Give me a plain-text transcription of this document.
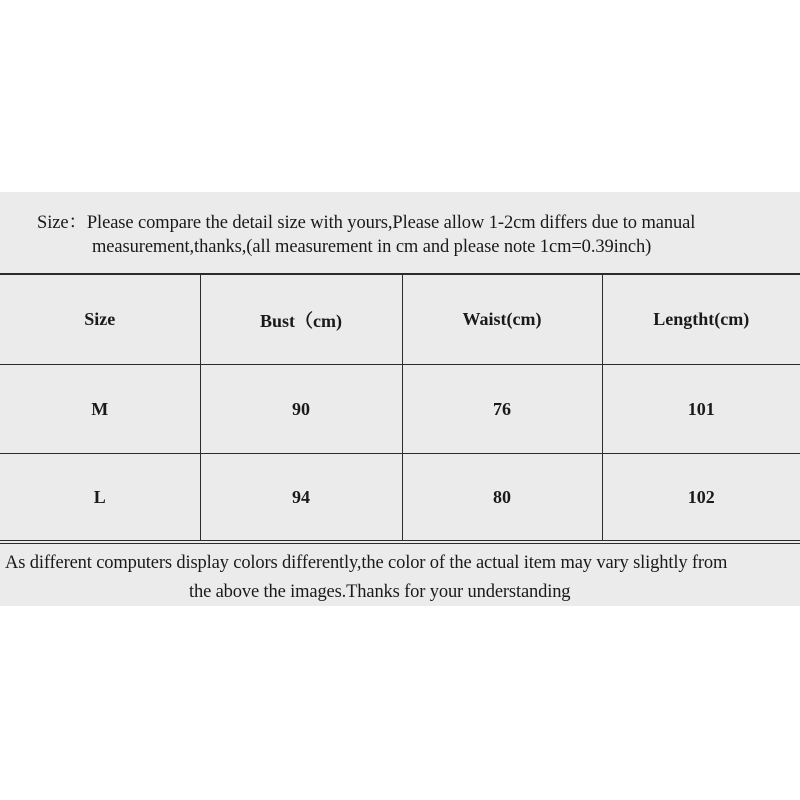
Size：Please compare the detail size with yours,Please allow 1-2cm differs due to manual
measurement,thanks,(all measurement in cm and please note 1cm=0.39inch)
Size	Bust（cm)	Waist(cm)	Lengtht(cm)
M	90	76	101
L	94	80	102
As different computers display colors differently,the color of the actual item may vary slightly from
the above the images.Thanks for your understanding
